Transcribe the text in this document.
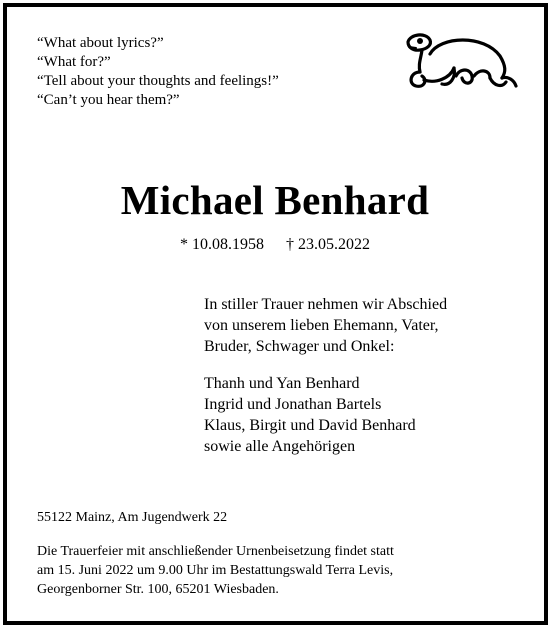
“What about lyrics?”
“What for?”
“Tell about your thoughts and feelings!”
“Can’t you hear them?”
Michael Benhard
* 10.08.1958 † 23.05.2022
In stiller Trauer nehmen wir Abschied
von unserem lieben Ehemann, Vater,
Bruder, Schwager und Onkel:
Thanh und Yan Benhard
Ingrid und Jonathan Bartels
Klaus, Birgit und David Benhard
sowie alle Angehörigen
55122 Mainz, Am Jugendwerk 22
Die Trauerfeier mit anschließender Urnenbeisetzung findet statt
am 15. Juni 2022 um 9.00 Uhr im Bestattungswald Terra Levis,
Georgenborner Str. 100, 65201 Wiesbaden.
